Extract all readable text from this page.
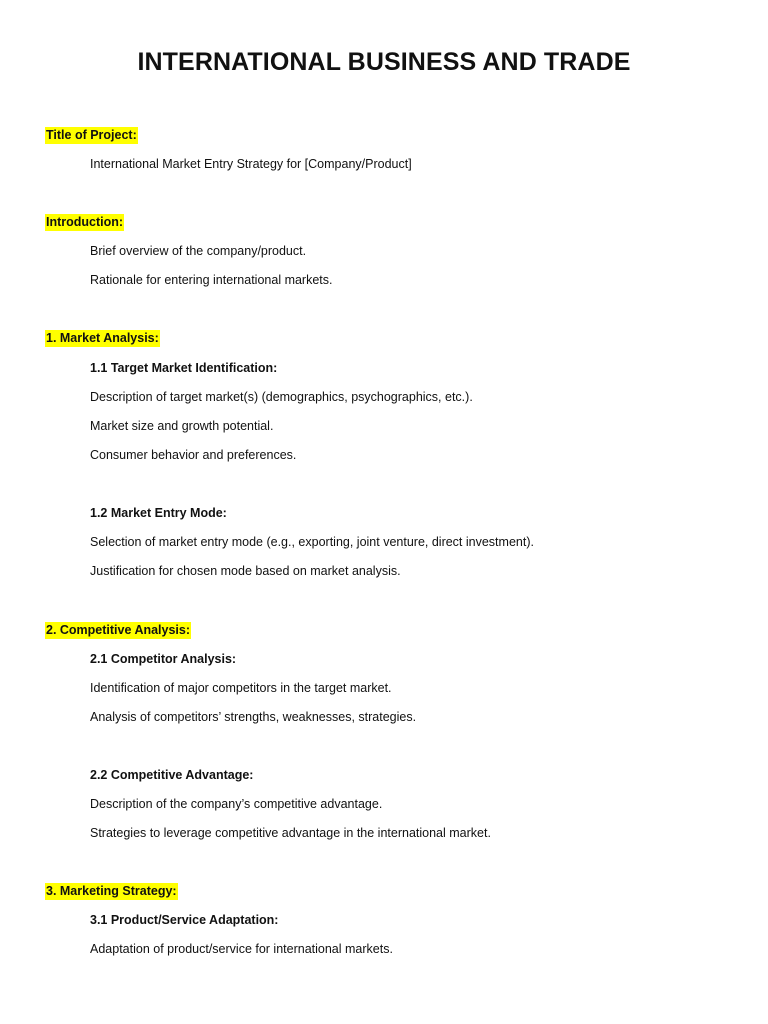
INTERNATIONAL BUSINESS AND TRADE
Title of Project:
International Market Entry Strategy for [Company/Product]
Introduction:
Brief overview of the company/product.
Rationale for entering international markets.
1. Market Analysis:
1.1 Target Market Identification:
Description of target market(s) (demographics, psychographics, etc.).
Market size and growth potential.
Consumer behavior and preferences.
1.2 Market Entry Mode:
Selection of market entry mode (e.g., exporting, joint venture, direct investment).
Justification for chosen mode based on market analysis.
2. Competitive Analysis:
2.1 Competitor Analysis:
Identification of major competitors in the target market.
Analysis of competitors’ strengths, weaknesses, strategies.
2.2 Competitive Advantage:
Description of the company’s competitive advantage.
Strategies to leverage competitive advantage in the international market.
3. Marketing Strategy:
3.1 Product/Service Adaptation:
Adaptation of product/service for international markets.
